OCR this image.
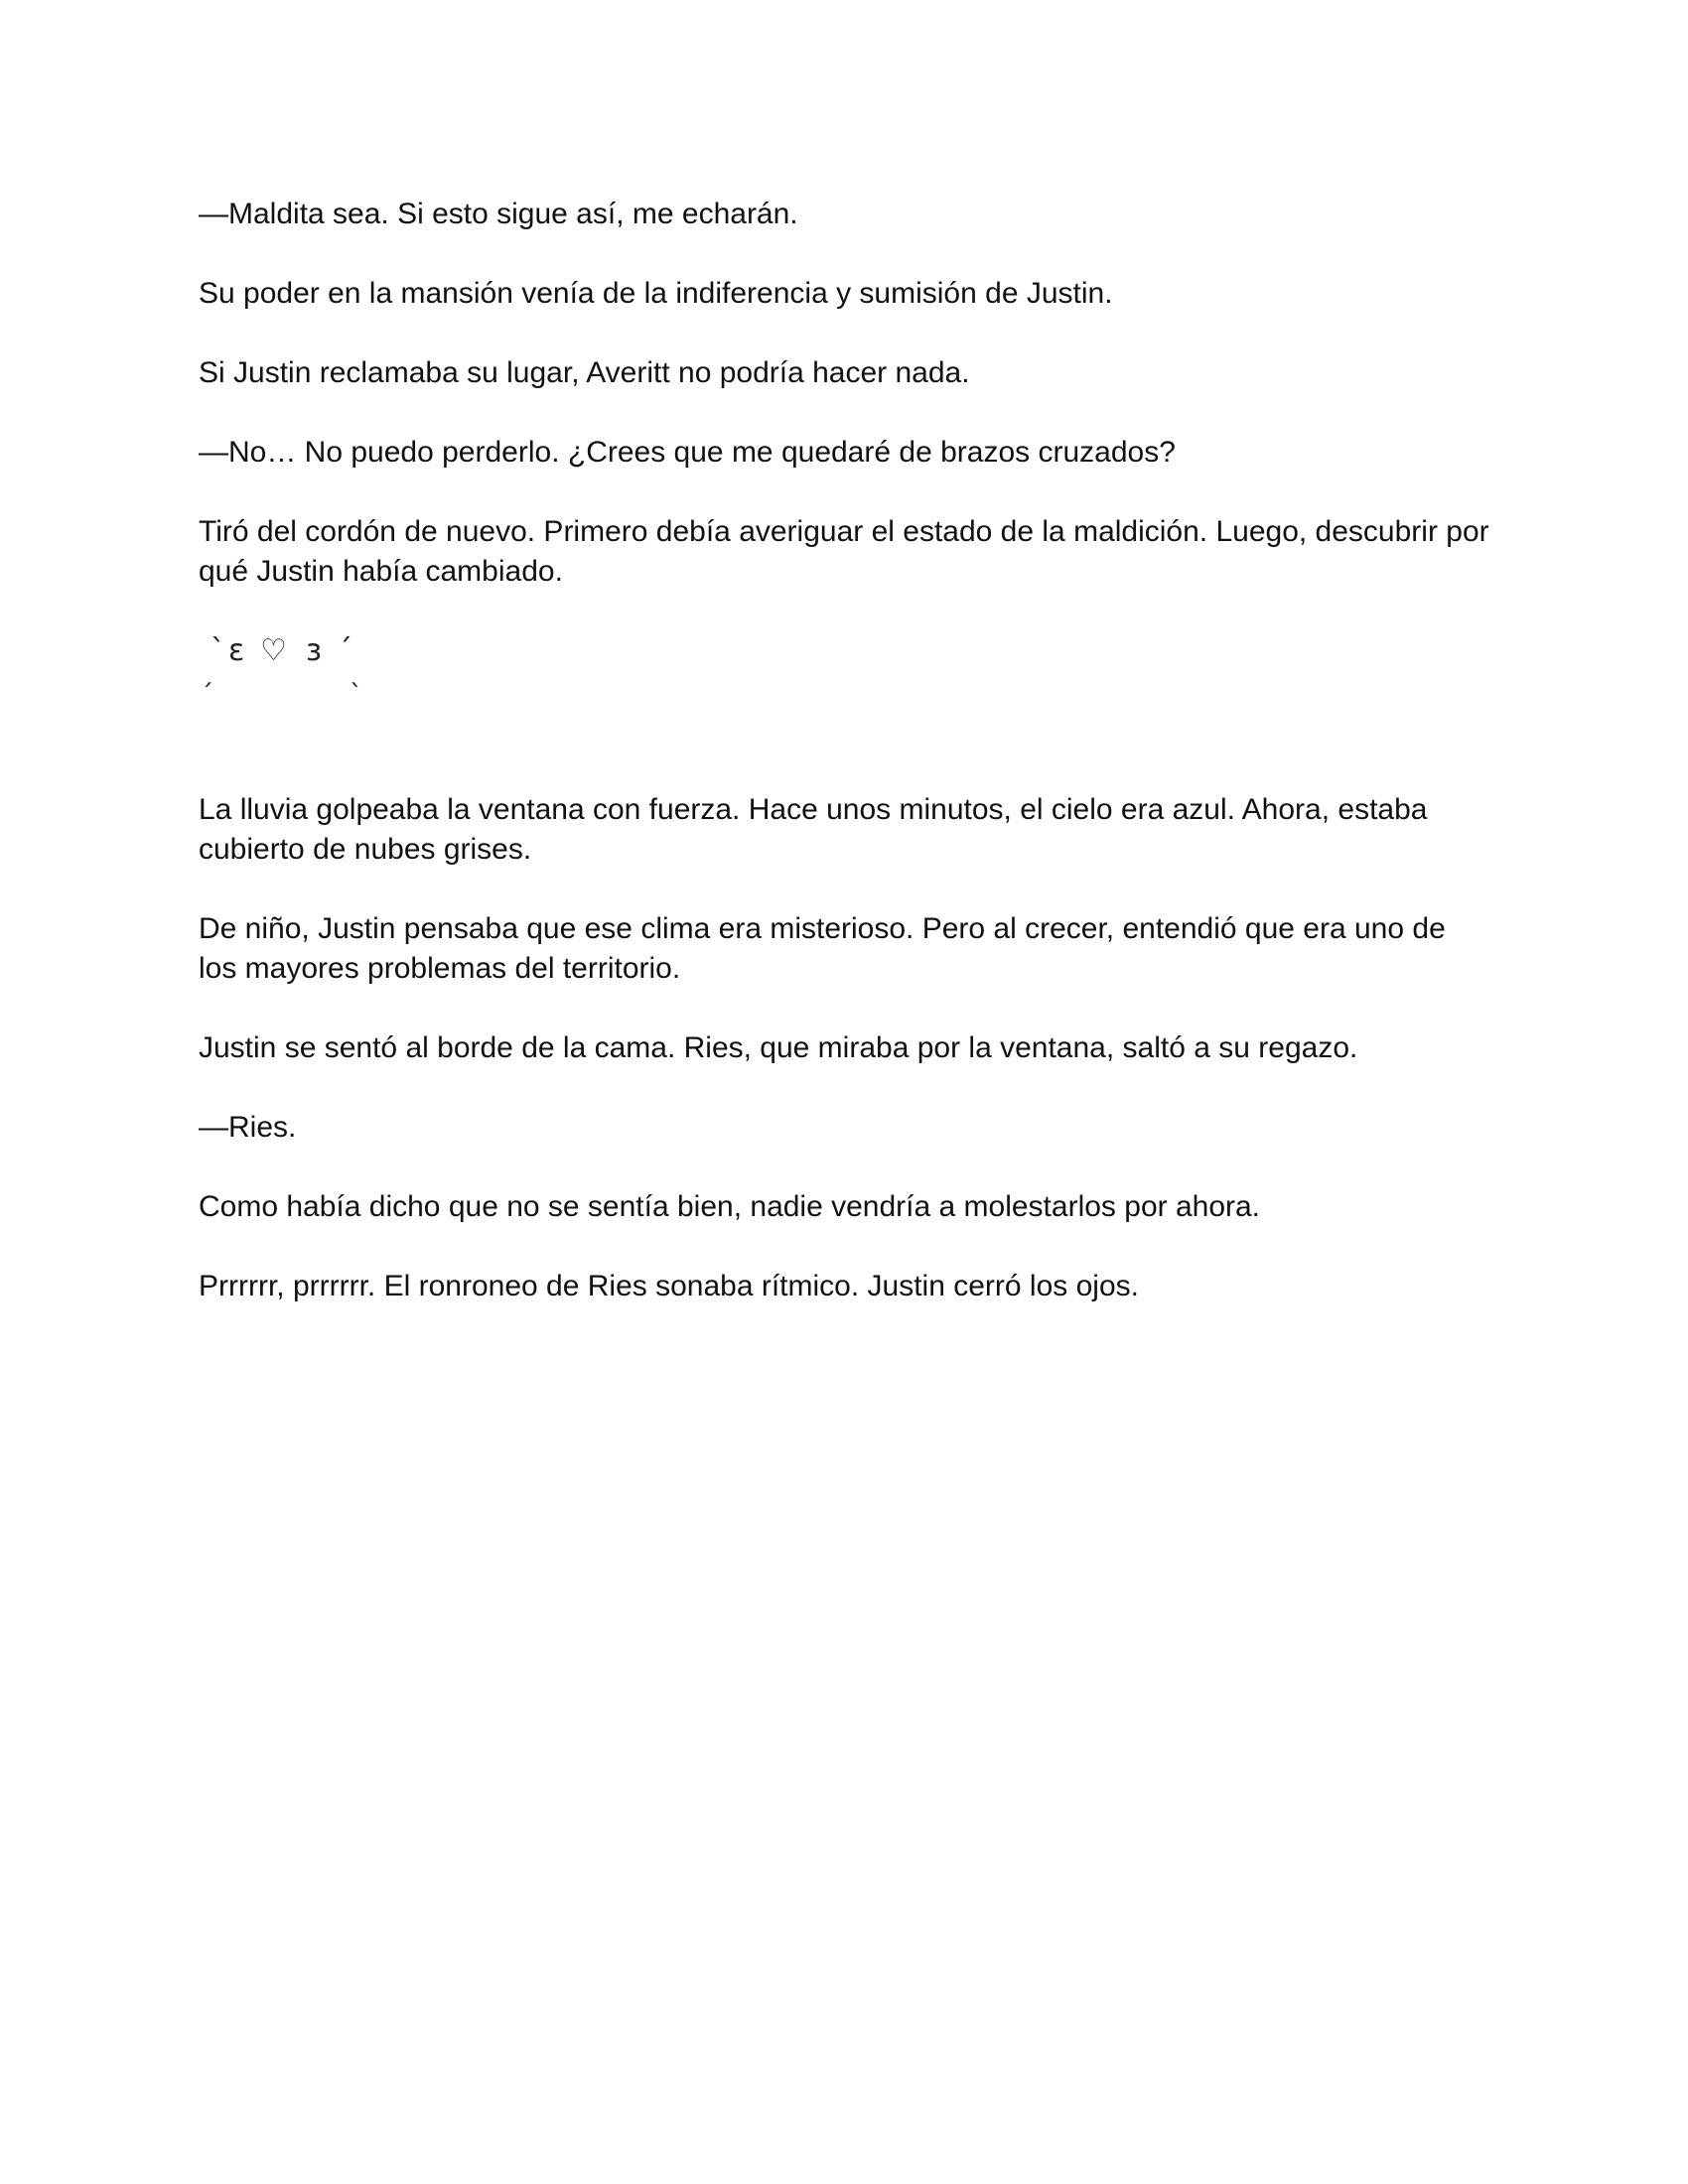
—Maldita sea. Si esto sigue así, me echarán.

Su poder en la mansión venía de la indiferencia y sumisión de Justin.

Si Justin reclamaba su lugar, Averitt no podría hacer nada.

—No… No puedo perderlo. ¿Crees que me quedaré de brazos cruzados?

Tiró del cordón de nuevo. Primero debía averiguar el estado de la maldición. Luego, descubrir por qué Justin había cambiado.

ˏ
ˋ ε ♡ з ˊ
ˎ

La lluvia golpeaba la ventana con fuerza. Hace unos minutos, el cielo era azul. Ahora, estaba cubierto de nubes grises.

De niño, Justin pensaba que ese clima era misterioso. Pero al crecer, entendió que era uno de los mayores problemas del territorio.

Justin se sentó al borde de la cama. Ries, que miraba por la ventana, saltó a su regazo.

—Ries.

Como había dicho que no se sentía bien, nadie vendría a molestarlos por ahora.

Prrrrrr, prrrrrr. El ronroneo de Ries sonaba rítmico. Justin cerró los ojos.
